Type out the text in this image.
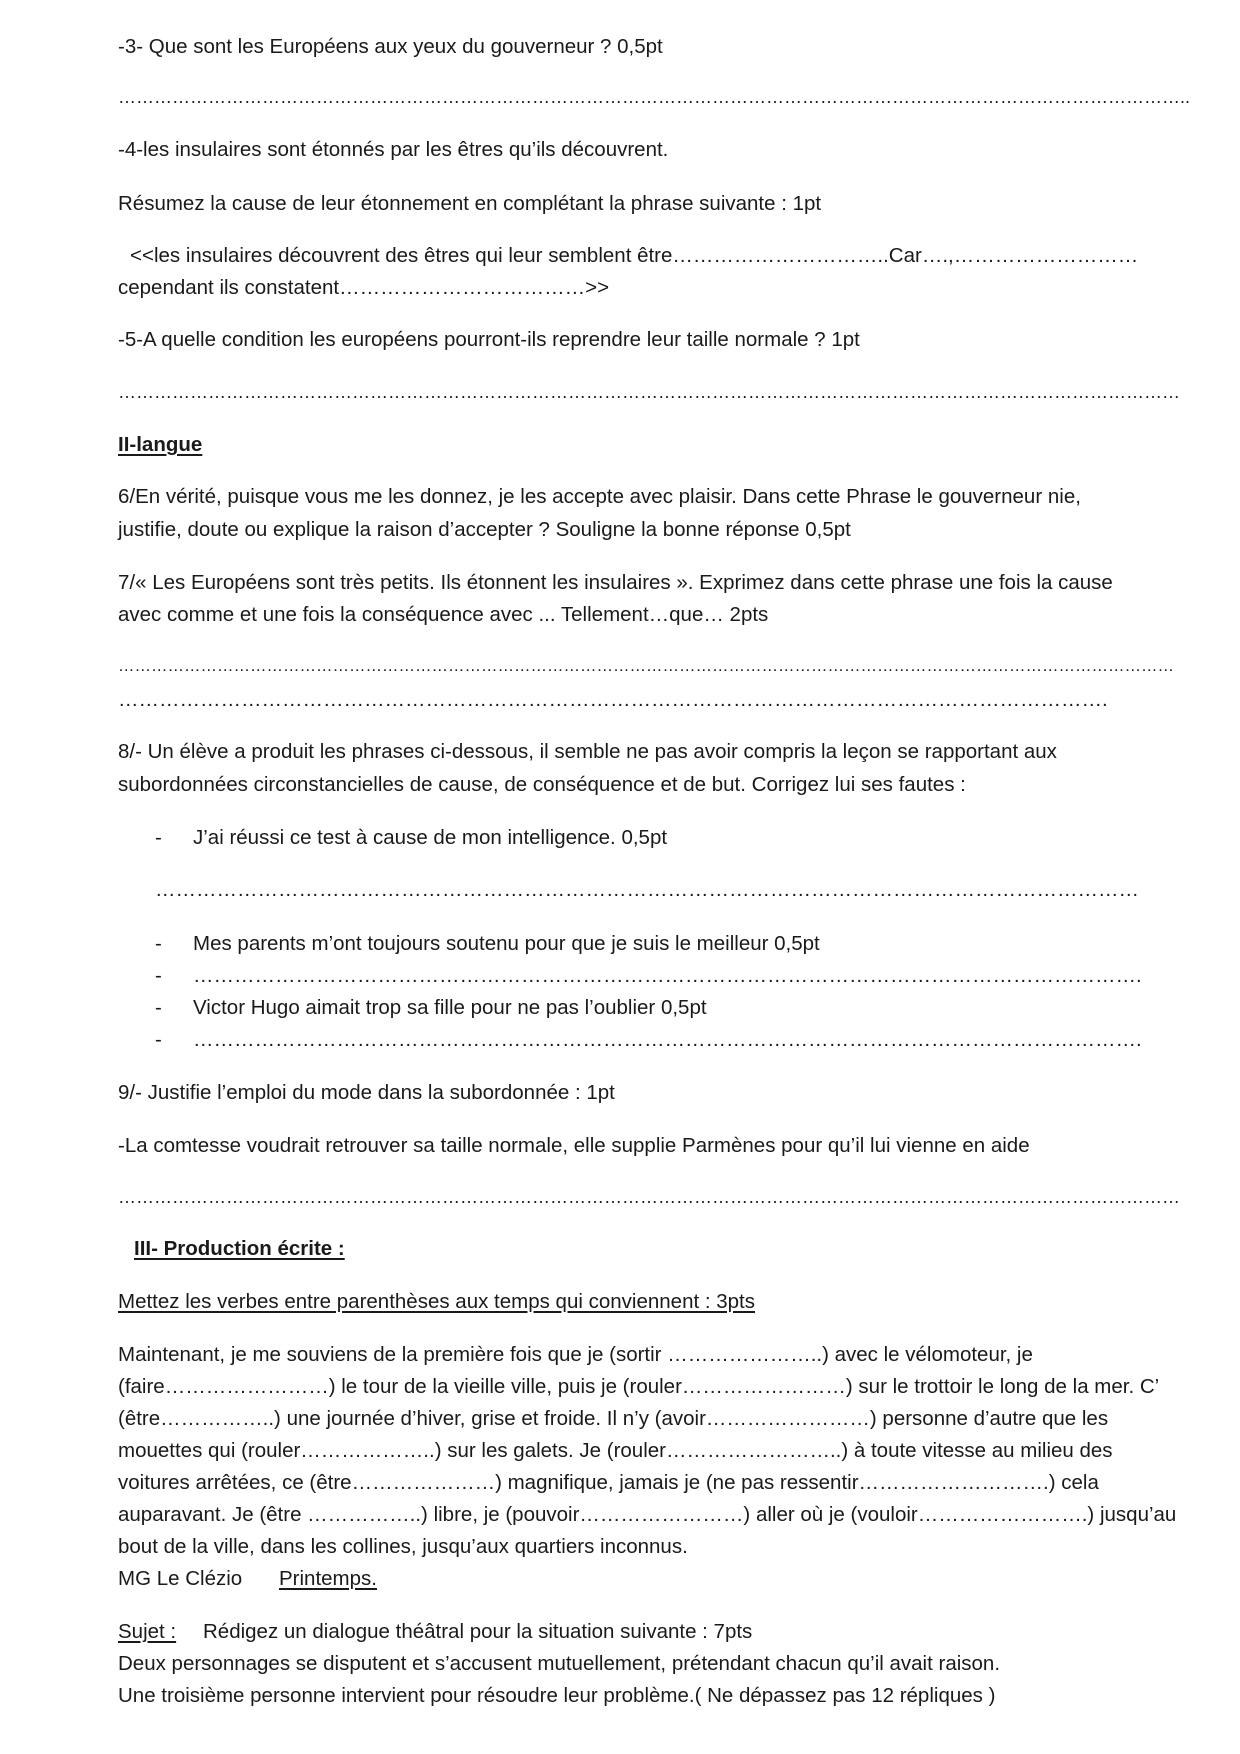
-3- Que sont les Européens aux yeux du gouverneur ? 0,5pt
……………………………………………………………………………………………………………………………………………………………..
-4-les insulaires sont étonnés par les êtres qu’ils découvrent.
Résumez la cause de leur étonnement en complétant la phrase suivante : 1pt
<<les insulaires découvrent des êtres qui leur semblent être…………………………..Car….,………………………
cependant ils constatent………………………………>>
-5-A quelle condition les européens pourront-ils reprendre leur taille normale ? 1pt
……………………………………………………………………………………………………………………………………………………………
II-langue
6/En vérité, puisque vous me les donnez, je les accepte avec plaisir. Dans cette Phrase le gouverneur nie,
justifie, doute ou explique la raison d’accepter ? Souligne la bonne réponse 0,5pt
7/« Les Européens sont très petits. Ils étonnent les insulaires ». Exprimez dans cette phrase une fois la cause
avec comme et une fois la conséquence avec ... Tellement…que… 2pts
…………………………………………………………………………………………………………………………………………………………………………
……………………………………………………………………………………………………………………………….
8/- Un élève a produit les phrases ci-dessous, il semble ne pas avoir compris la leçon se rapportant aux
subordonnées circonstancielles de cause, de conséquence et de but. Corrigez lui ses fautes :
- J’ai réussi ce test à cause de mon intelligence. 0,5pt
………………………………………………………………………………………………………………………………
- Mes parents m’ont toujours soutenu pour que je suis le meilleur 0,5pt
- ………………………………………………………………………………………………………………………….
- Victor Hugo aimait trop sa fille pour ne pas l’oublier 0,5pt
- ………………………………………………………………………………………………………………………….
9/- Justifie l’emploi du mode dans la subordonnée : 1pt
-La comtesse voudrait retrouver sa taille normale, elle supplie Parmènes pour qu’il lui vienne en aide
……………………………………………………………………………………………………………………………………………………………
III- Production écrite :
Mettez les verbes entre parenthèses aux temps qui conviennent : 3pts
Maintenant, je me souviens de la première fois que je (sortir …………………..) avec le vélomoteur, je
(faire……………………) le tour de la vieille ville, puis je (rouler……………………) sur le trottoir le long de la mer. C’
(être……………..) une journée d’hiver, grise et froide. Il n’y (avoir……………………) personne d’autre que les
mouettes qui (rouler………………..) sur les galets. Je (rouler……………………..) à toute vitesse au milieu des
voitures arrêtées, ce (être…………………) magnifique, jamais je (ne pas ressentir……………………….) cela
auparavant. Je (être ……………..) libre, je (pouvoir……………………) aller où je (vouloir…………………….) jusqu’au
bout de la ville, dans les collines, jusqu’aux quartiers inconnus.
MG Le Clézio Printemps.
Sujet : Rédigez un dialogue théâtral pour la situation suivante : 7pts
Deux personnages se disputent et s’accusent mutuellement, prétendant chacun qu’il avait raison.
Une troisième personne intervient pour résoudre leur problème.( Ne dépassez pas 12 répliques )
